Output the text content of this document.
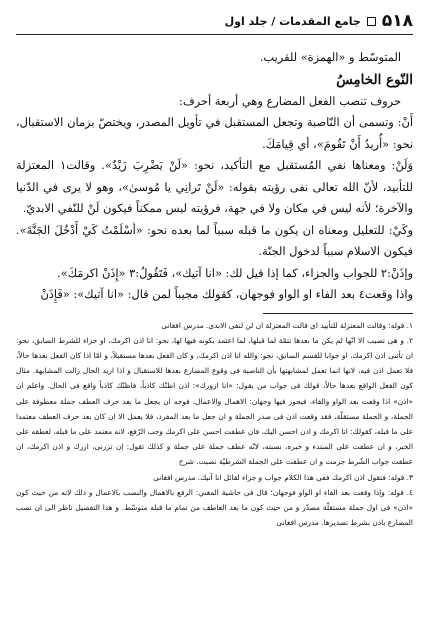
۵۱۸
جامع المقدمات / جلد اول

المتوسّط و «الهمزة» للقريب.

النّوع الخامِسُ

حروف تنصب الفعل المضارع وهي أربعة أحرف:

أَنْ: وتسمى أن النّاصبة وتجعل المستقبل في تأويل المصدر، ويختصّ بزمان الاستقبال، نحو: «أُريدُ أَنْ تَقُومَ»، أي قِيامَكَ.

وَلَنْ: ومعناها نفي المُستقبل مع التأكيد، نحو: «لَنْ يَضْرِبَ زَيْدٌ». وقالت١ المعتزلة للتأبيد، لأنّ الله تعالى نفى رؤيته بقوله: «لَنْ تَرانِي يا مُوسىٰ»، وهو لا يرى في الدّنيا والآخرة؛ لأنه ليس في مكان ولا في جهة، فرؤيته ليس ممكناً فيكون لَنْ للنّفي الابديّ.

وكَيْ: للتعليل ومعناه ان يكون ما قبله سبباً لما بعده نحو: «أسْلَمْتُ كَيْ أَدْخُلَ الجَنَّةَ». فيكون الاسلام سبباً لدخول الجنّة.

وإذَنْ:٢ للجواب والجزاء، كما إذا قيل لك: «انا آتيك»، فَتَقُولُ:٣ «إِذَنْ اكرمَكَ».

واذا وقعت٤ بعد الفاء او الواو فوجهان، كقولك مجيباً لمن قال: «انا آتيك»: «فَإِذَنْ

١. قوله: وقالت المعتزلة للتأبيد اى قالت المعتزلة ان لن لنفى الابدى. مدرس افغانى

٢. و هى تصيب الا انّها لم يكن ما بعدها تتمّة لما قبلها، لما اعتمد بكونه فيها لها، نحو: انا اذن اكرمك، او جزاء للشرط السابق، نحو: ان تأتنى اذن اكرمك، او جوابا للقسم السابق، نحو: والله انا اذن اكرمك، و كان الفعل بعدها مستقبلاً، و امّا اذا كان الفعل بعدها حالاً، فلا تعمل اذن فيه، لانها انما تعمل لمشابهتها بأن الناصبة فى وقوع المضارع بعدها للاستقبال و اذا اريد الحال زالت المشابهة. مثال كون الفعل الواقع بعدها حالاً، قولك فى جواب من يقول: «انا ازورك»: اذن اظنّك كاذباً، فاظنّك كاذباً واقع فى الحال. واعلم ان «اذن» اذا وقعت بعد الواو والفاء، فيجوز فيها وجهان: الاهمال والاعمال، فوجه ان يجعل ما بعد حرف العطف جملة معطوفة على الجملة، و الجملة مستقلّة، فقد وقعت اذن فى صدر الجملة و ان جعل ما بعد المفرد، فلا يعمل الا ان كان بعد حرف العطف معتمدا على ما قبله، كقولك: انا اكرمك و اذن احسن اليك، فان عطفت احسن على اكرمك وجب الرّفع، لانه معتمد على ما قبله، لعطفه على الخبر، و ان عطفت على المبتدء و خبره، نصبته، لانّه عطف جملة على جملة و كذلك تقول: إن تزرنى، ازرك و اذن اكرمك، ان عطفت جواب الشّرط جزمت و ان عطفت على الجملة الشرطيّة نصبت. شرح

٣. قوله: فتقول اذن اكرمك ففى هذا الكلام جواب و جزاء لقائل انا آتيك. مدرس افغانى

٤. قوله: وإذا وقعت بعد الفاء او الواو فوجهان؛ قال فى حاشية المغني: الرفع بالاهمال والنصب بالاعمال و ذلك لانه من حيث كون «اذن» فى اول جملة مستقلّة مصدّر و من حيث كون ما بعد العاطف من تمام ما قبله متوسّط. و هذا التفصيل ناظر الى ان نصب المضارع باذن بشرط تصديرها. مدرس افغانى
